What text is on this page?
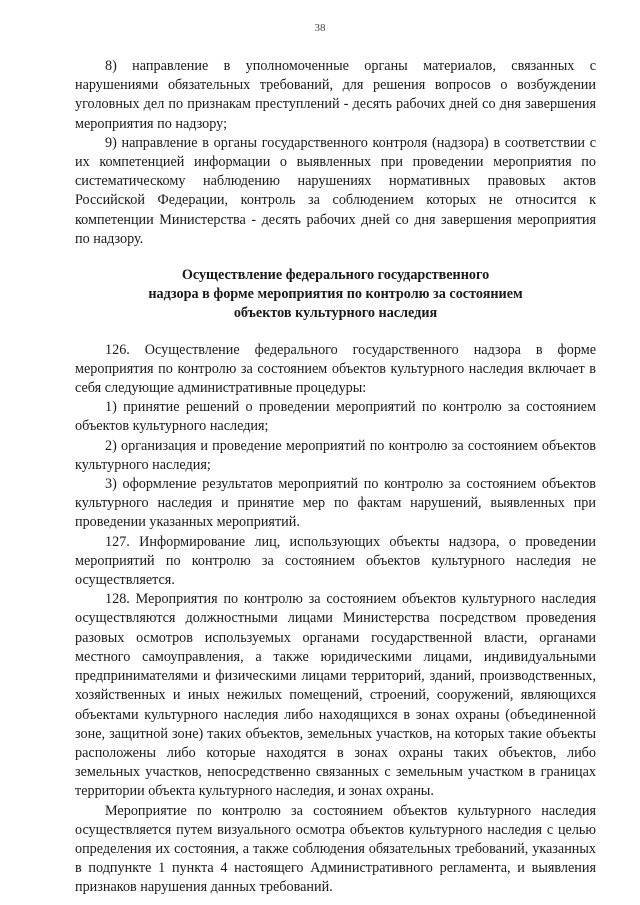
38

8) направление в уполномоченные органы материалов, связанных с нарушениями обязательных требований, для решения вопросов о возбуждении уголовных дел по признакам преступлений - десять рабочих дней со дня завершения мероприятия по надзору;

9) направление в органы государственного контроля (надзора) в соответствии с их компетенцией информации о выявленных при проведении мероприятия по систематическому наблюдению нарушениях нормативных правовых актов Российской Федерации, контроль за соблюдением которых не относится к компетенции Министерства - десять рабочих дней со дня завершения мероприятия по надзору.

Осуществление федерального государственного
надзора в форме мероприятия по контролю за состоянием
объектов культурного наследия

126. Осуществление федерального государственного надзора в форме мероприятия по контролю за состоянием объектов культурного наследия включает в себя следующие административные процедуры:

1) принятие решений о проведении мероприятий по контролю за состоянием объектов культурного наследия;

2) организация и проведение мероприятий по контролю за состоянием объектов культурного наследия;

3) оформление результатов мероприятий по контролю за состоянием объектов культурного наследия и принятие мер по фактам нарушений, выявленных при проведении указанных мероприятий.

127. Информирование лиц, использующих объекты надзора, о проведении мероприятий по контролю за состоянием объектов культурного наследия не осуществляется.

128. Мероприятия по контролю за состоянием объектов культурного наследия осуществляются должностными лицами Министерства посредством проведения разовых осмотров используемых органами государственной власти, органами местного самоуправления, а также юридическими лицами, индивидуальными предпринимателями и физическими лицами территорий, зданий, производственных, хозяйственных и иных нежилых помещений, строений, сооружений, являющихся объектами культурного наследия либо находящихся в зонах охраны (объединенной зоне, защитной зоне) таких объектов, земельных участков, на которых такие объекты расположены либо которые находятся в зонах охраны таких объектов, либо земельных участков, непосредственно связанных с земельным участком в границах территории объекта культурного наследия, и зонах охраны.

Мероприятие по контролю за состоянием объектов культурного наследия осуществляется путем визуального осмотра объектов культурного наследия с целью определения их состояния, а также соблюдения обязательных требований, указанных в подпункте 1 пункта 4 настоящего Административного регламента, и выявления признаков нарушения данных требований.
